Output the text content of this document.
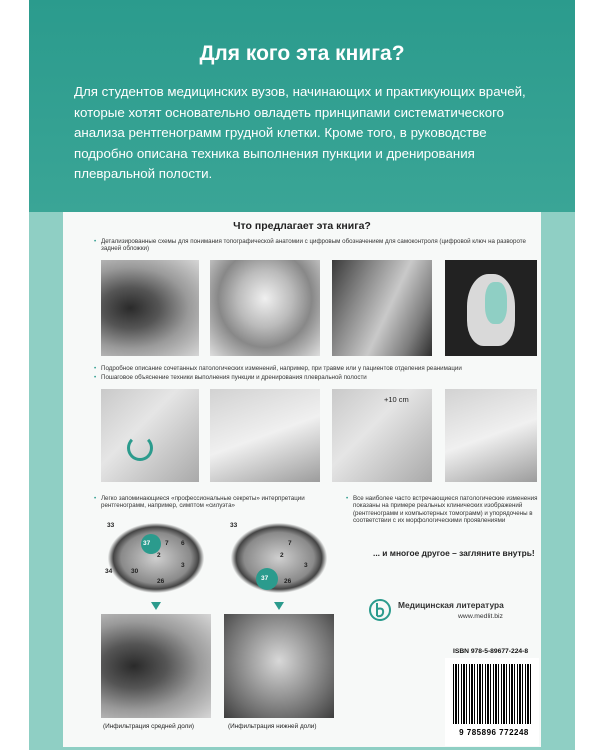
Для кого эта книга?
Для студентов медицинских вузов, начинающих и практикующих врачей, которые хотят основательно овладеть принципами систематического анализа рентгенограмм грудной клетки. Кроме того, в руководстве подробно описана техника выполнения пункции и дренирования плевральной полости.
Что предлагает эта книга?
• Детализированные схемы для понимания топографической анатомии с цифровым обозначением для самоконтроля (цифровой ключ на развороте задней обложки)
• Подробное описание сочетанных патологических изменений, например, при травме или у пациентов отделения реанимации
• Пошаговое объяснение техники выполнения пункции и дренирования плевральной полости
+10 cm
• Легко запоминающиеся «профессиональные секреты» интерпретации рентгенограмм, например, симптом «силуэта»
• Все наиболее часто встречающиеся патологические изменения показаны на примере реальных клинических изображений (рентгенограмм и компьютерных томограмм) и упорядочены в соответствии с их морфологическими проявлениями
37
33
2
7 6
3
26
34	30
37
33
2
7
3
26
(Инфильтрация средней доли)	(Инфильтрация нижней доли)
... и многое другое – загляните внутрь!
Медицинская литература
www.medlit.biz
ISBN 978-5-89677-224-8
9 785896 772248
